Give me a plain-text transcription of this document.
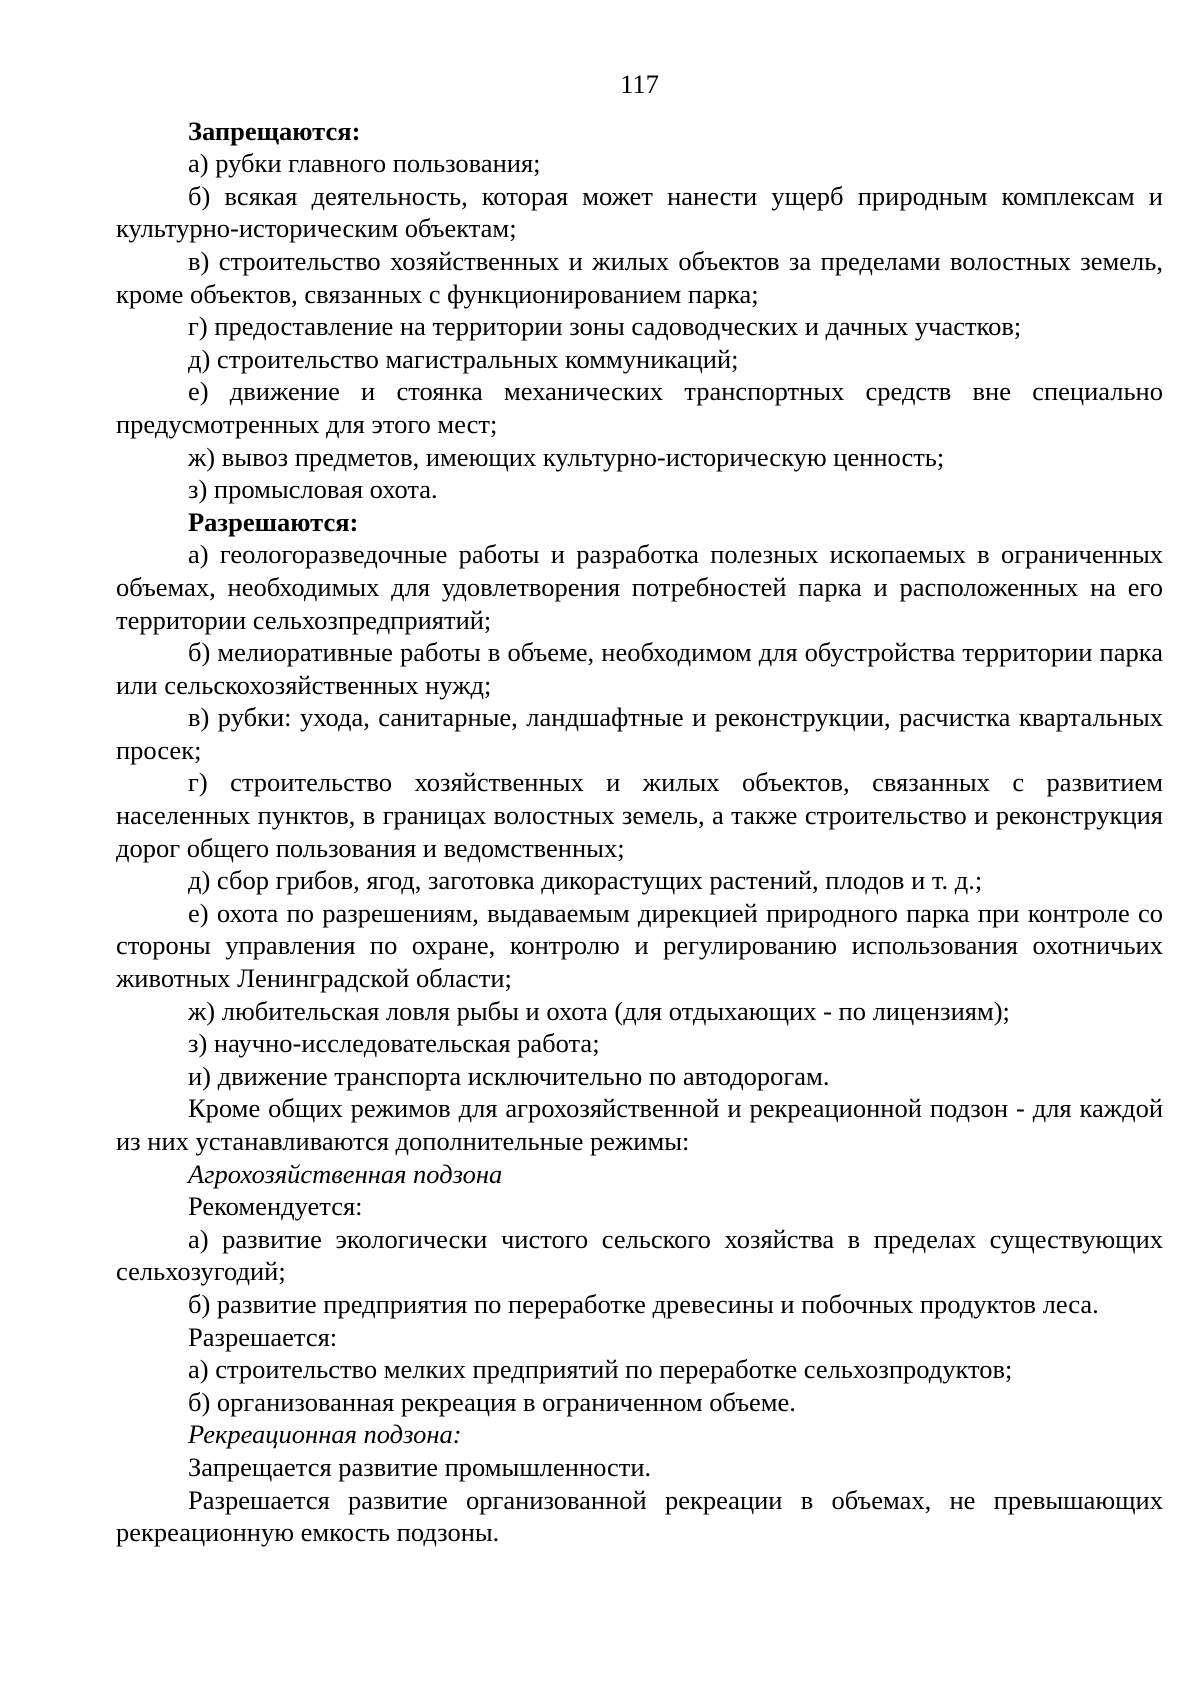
117

Запрещаются:

а) рубки главного пользования;

б) всякая деятельность, которая может нанести ущерб природным комплексам и культурно-историческим объектам;

в) строительство хозяйственных и жилых объектов за пределами волостных земель, кроме объектов, связанных с функционированием парка;

г) предоставление на территории зоны садоводческих и дачных участков;

д) строительство магистральных коммуникаций;

е) движение и стоянка механических транспортных средств вне специально предусмотренных для этого мест;

ж) вывоз предметов, имеющих культурно-историческую ценность;

з) промысловая охота.

Разрешаются:

а) геологоразведочные работы и разработка полезных ископаемых в ограниченных объемах, необходимых для удовлетворения потребностей парка и расположенных на его территории сельхозпредприятий;

б) мелиоративные работы в объеме, необходимом для обустройства территории парка или сельскохозяйственных нужд;

в) рубки: ухода, санитарные, ландшафтные и реконструкции, расчистка квартальных просек;

г) строительство хозяйственных и жилых объектов, связанных с развитием населенных пунктов, в границах волостных земель, а также строительство и реконструкция дорог общего пользования и ведомственных;

д) сбор грибов, ягод, заготовка дикорастущих растений, плодов и т. д.;

е) охота по разрешениям, выдаваемым дирекцией природного парка при контроле со стороны управления по охране, контролю и регулированию использования охотничьих животных Ленинградской области;

ж) любительская ловля рыбы и охота (для отдыхающих - по лицензиям);

з) научно-исследовательская работа;

и) движение транспорта исключительно по автодорогам.

Кроме общих режимов для агрохозяйственной и рекреационной подзон - для каждой из них устанавливаются дополнительные режимы:

Агрохозяйственная подзона

Рекомендуется:

а) развитие экологически чистого сельского хозяйства в пределах существующих сельхозугодий;

б) развитие предприятия по переработке древесины и побочных продуктов леса.

Разрешается:

а) строительство мелких предприятий по переработке сельхозпродуктов;

б) организованная рекреация в ограниченном объеме.

Рекреационная подзона:

Запрещается развитие промышленности.

Разрешается развитие организованной рекреации в объемах, не превышающих рекреационную емкость подзоны.
